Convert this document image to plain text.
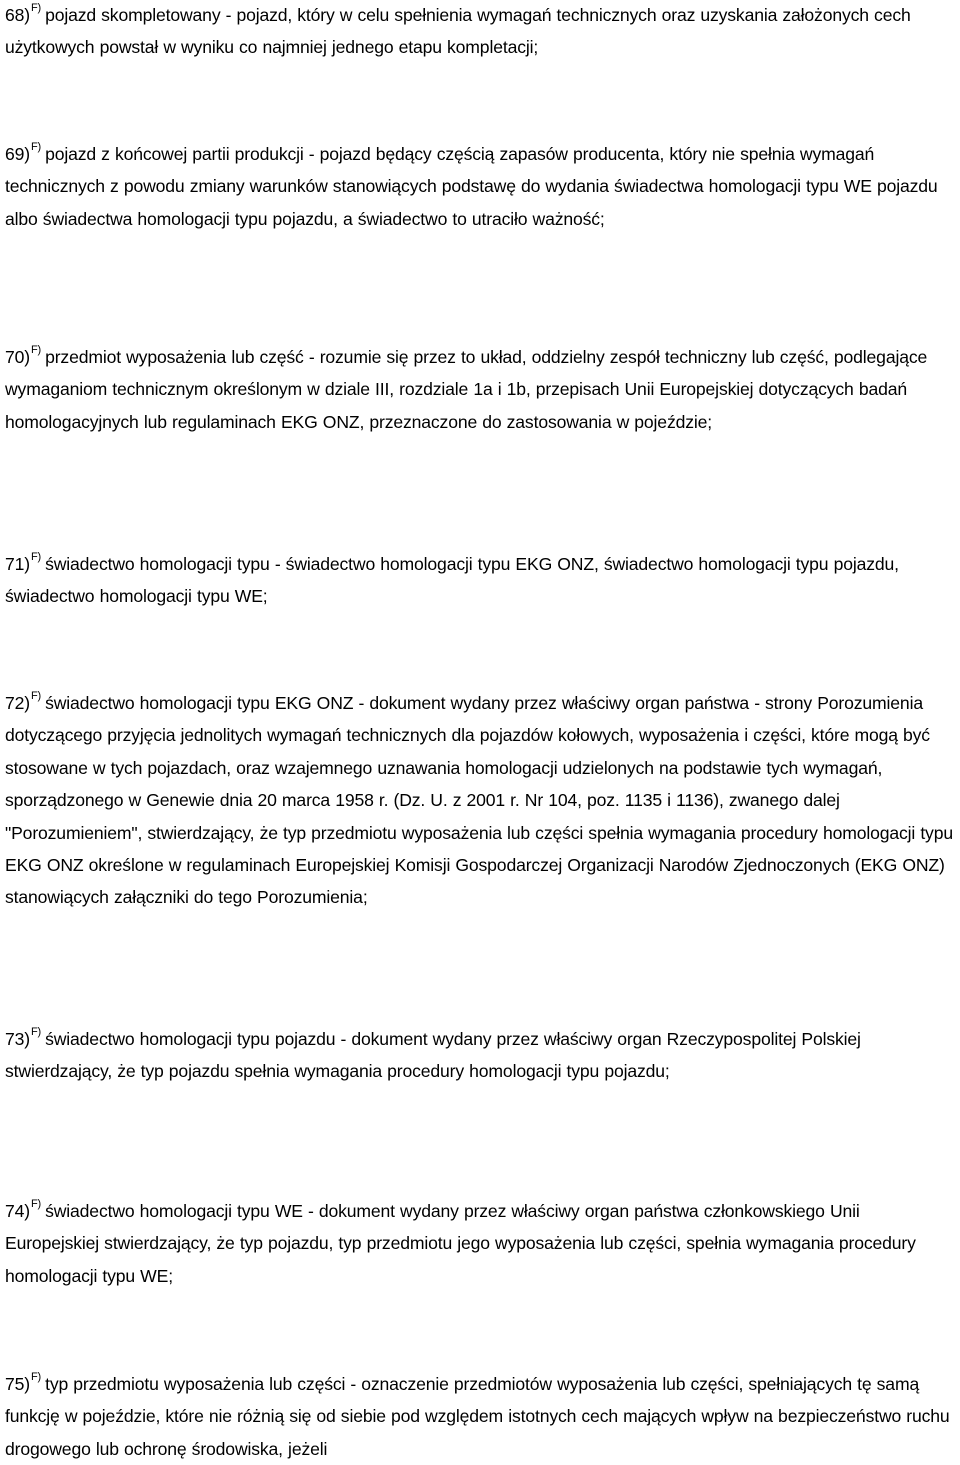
68)$^{F)}$ pojazd skompletowany - pojazd, który w celu spełnienia wymagań technicznych oraz uzyskania założonych cech użytkowych powstał w wyniku co najmniej jednego etapu kompletacji;

69)$^{F)}$ pojazd z końcowej partii produkcji - pojazd będący częścią zapasów producenta, który nie spełnia wymagań technicznych z powodu zmiany warunków stanowiących podstawę do wydania świadectwa homologacji typu WE pojazdu albo świadectwa homologacji typu pojazdu, a świadectwo to utraciło ważność;

70)$^{F)}$ przedmiot wyposażenia lub część - rozumie się przez to układ, oddzielny zespół techniczny lub część, podlegające wymaganiom technicznym określonym w dziale III, rozdziale 1a i 1b, przepisach Unii Europejskiej dotyczących badań homologacyjnych lub regulaminach EKG ONZ, przeznaczone do zastosowania w pojeździe;

71)$^{F)}$ świadectwo homologacji typu - świadectwo homologacji typu EKG ONZ, świadectwo homologacji typu pojazdu, świadectwo homologacji typu WE;

72)$^{F)}$ świadectwo homologacji typu EKG ONZ - dokument wydany przez właściwy organ państwa - strony Porozumienia dotyczącego przyjęcia jednolitych wymagań technicznych dla pojazdów kołowych, wyposażenia i części, które mogą być stosowane w tych pojazdach, oraz wzajemnego uznawania homologacji udzielonych na podstawie tych wymagań, sporządzonego w Genewie dnia 20 marca 1958 r. (Dz. U. z 2001 r. Nr 104, poz. 1135 i 1136), zwanego dalej "Porozumieniem", stwierdzający, że typ przedmiotu wyposażenia lub części spełnia wymagania procedury homologacji typu EKG ONZ określone w regulaminach Europejskiej Komisji Gospodarczej Organizacji Narodów Zjednoczonych (EKG ONZ) stanowiących załączniki do tego Porozumienia;

73)$^{F)}$ świadectwo homologacji typu pojazdu - dokument wydany przez właściwy organ Rzeczypospolitej Polskiej stwierdzający, że typ pojazdu spełnia wymagania procedury homologacji typu pojazdu;

74)$^{F)}$ świadectwo homologacji typu WE - dokument wydany przez właściwy organ państwa członkowskiego Unii Europejskiej stwierdzający, że typ pojazdu, typ przedmiotu jego wyposażenia lub części, spełnia wymagania procedury homologacji typu WE;

75)$^{F)}$ typ przedmiotu wyposażenia lub części - oznaczenie przedmiotów wyposażenia lub części, spełniających tę samą funkcję w pojeździe, które nie różnią się od siebie pod względem istotnych cech mających wpływ na bezpieczeństwo ruchu drogowego lub ochronę środowiska, jeżeli
